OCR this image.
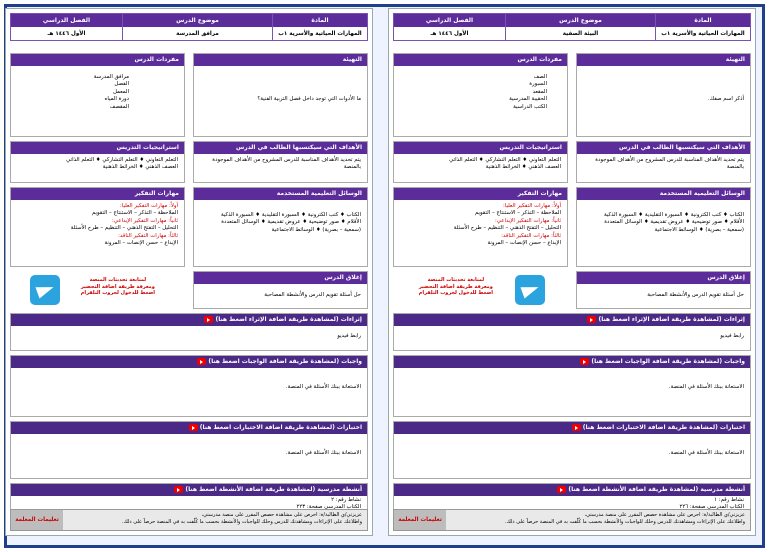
المادة
المهارات الحياتية والأسرية ١ب
موضوع الدرس
مرافق المدرسة
الفصل الدراسي
الأول ١٤٤٦ هـ
التهيئة
ما الأدوات التي توجد داخل فصل التربية الفنية؟
مفردات الدرس
مرافق المدرسة
الفصل
المعمل
دورة المياه
المقصف
الأهداف التي سيكتسبها الطالب في الدرس
يتم تحديد الأهداف المناسبة للدرس المشروح من الأهداف الموجودة بالمنصة
استراتيجيات التدريس
التعلم التعاوني ♦ التعلم التشاركي ♦ التعلم الذاتي
العصف الذهني ♦ الخرائط الذهنية
الوسائل التعليمية المستخدمة
الكتاب ♦ كتب الكترونية ♦ السبورة التقليدية ♦ السبورة الذكية
الأقلام ♦ صور توضيحية ♦ عروض تقديمية ♦ الوسائل المتعددة
(سمعية – بصرية) ♦ الوسائط الاجتماعية
مهارات التفكير
أولاً: مهارات التفكير العليا:
الملاحظة – التذكر – الاستنتاج – التقويم
ثانياً: مهارات التفكير الإبداعي:
التحليل – التفتح الذهني – التنظيم – طرح الأسئلة
ثالثاً: مهارات التفكير الناقد:
الإبداع – حسن الإنصات – المرونة
إغلاق الدرس
حل أسئلة تقويم الدرس والأنشطة المصاحبة
لمتابعة تحديثات المنصة
ومعرفة طريقة اضافة التحضير
اضغط للدخول لجروب التلقرام
إثراءات (لمشاهدة طريقة اضافة الإثراء اضغط هنا)
رابط فيديو
واجبات (لمشاهدة طريقة اضافة الواجبات اضغط هنا)
الاستعانة ببنك الأسئلة في المنصة.
اختبارات (لمشاهدة طريقة اضافة الاختبارات اضغط هنا)
الاستعانة ببنك الأسئلة في المنصة.
أنشطة مدرسية (لمشاهدة طريقة اضافة الأنشطة اضغط هنا)
نشاط رقم: ٢
الكتاب المدرسي صفحة: ٢٢٣
عزيزتي/ي الطالبة/ة: احرص على مشاهدة حصص المقرر على منصة مدرستي،
واطلاعك على الإثراءات ومشاهدتك للدرس وحلك للواجبات والأنشطة بحسب ما كُلّفت به في المنصة حرصاً على ذلك.
تعليمات المعلمة
المادة
المهارات الحياتية والأسرية ١ب
موضوع الدرس
البيئة الصفية
الفصل الدراسي
الأول ١٤٤٦ هـ
التهيئة
أذكر اسم صفك.
مفردات الدرس
الصف
السبورة
المقعد
الحقيبة المدرسية
الكتب الدراسية
الأهداف التي سيكتسبها الطالب في الدرس
يتم تحديد الأهداف المناسبة للدرس المشروح من الأهداف الموجودة بالمنصة
استراتيجيات التدريس
التعلم التعاوني ♦ التعلم التشاركي ♦ التعلم الذاتي
العصف الذهني ♦ الخرائط الذهنية
الوسائل التعليمية المستخدمة
الكتاب ♦ كتب الكترونية ♦ السبورة التقليدية ♦ السبورة الذكية
الأقلام ♦ صور توضيحية ♦ عروض تقديمية ♦ الوسائل المتعددة
(سمعية – بصرية) ♦ الوسائط الاجتماعية
مهارات التفكير
أولاً: مهارات التفكير العليا:
الملاحظة – التذكر – الاستنتاج – التقويم
ثانياً: مهارات التفكير الإبداعي:
التحليل – التفتح الذهني – التنظيم – طرح الأسئلة
ثالثاً: مهارات التفكير الناقد:
الإبداع – حسن الإنصات – المرونة
إغلاق الدرس
حل أسئلة تقويم الدرس والأنشطة المصاحبة
لمتابعة تحديثات المنصة
ومعرفة طريقة اضافة التحضير
اضغط للدخول لجروب التلقرام
إثراءات (لمشاهدة طريقة اضافة الإثراء اضغط هنا)
رابط فيديو
واجبات (لمشاهدة طريقة اضافة الواجبات اضغط هنا)
الاستعانة ببنك الأسئلة في المنصة.
اختبارات (لمشاهدة طريقة اضافة الاختبارات اضغط هنا)
الاستعانة ببنك الأسئلة في المنصة.
أنشطة مدرسية (لمشاهدة طريقة اضافة الأنشطة اضغط هنا)
نشاط رقم: ١
الكتاب المدرسي صفحة: ٢٢٦
عزيزتي/ي الطالبة/ة: احرص على مشاهدة حصص المقرر على منصة مدرستي،
واطلاعك على الإثراءات ومشاهدتك للدرس وحلك للواجبات والأنشطة بحسب ما كُلّفت به في المنصة حرصاً على ذلك.
تعليمات المعلمة
